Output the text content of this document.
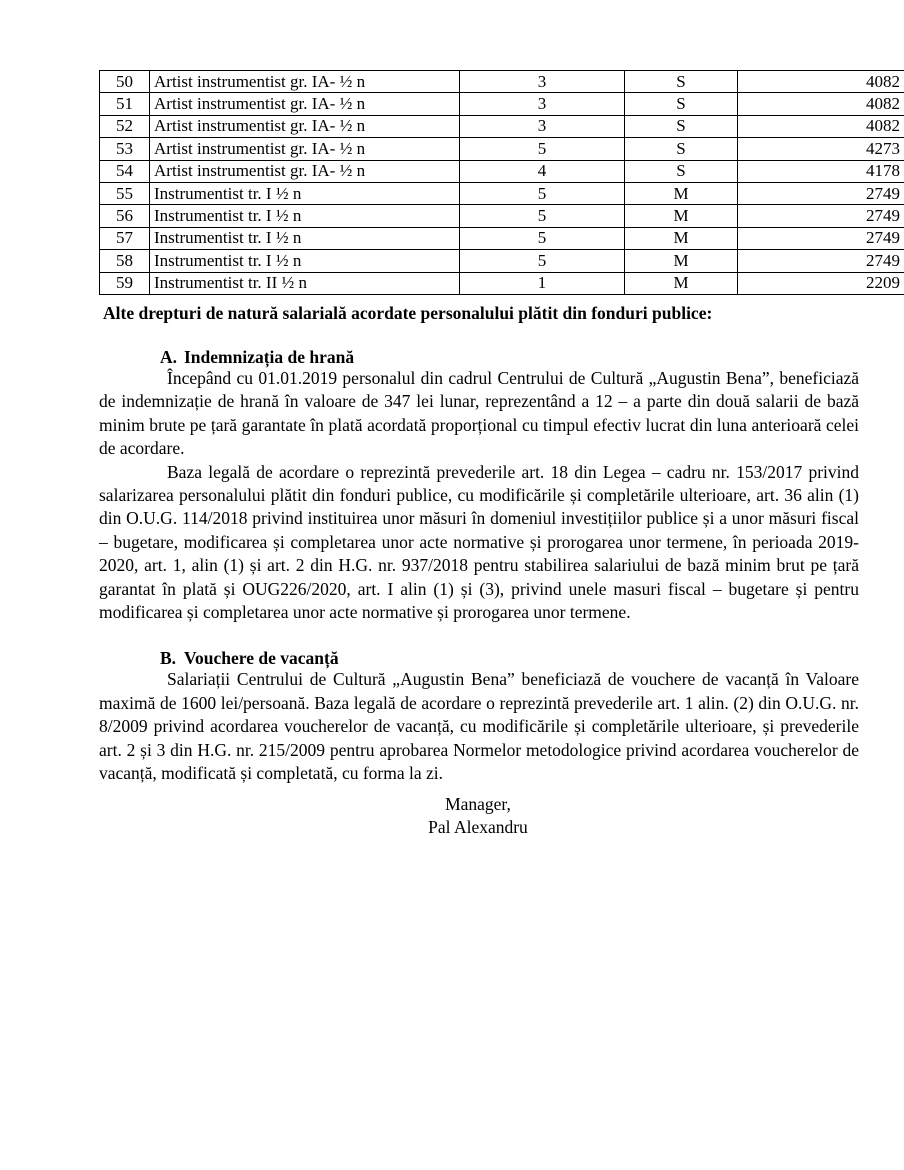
50	Artist instrumentist gr. IA- ½ n	3	S	4082
51	Artist instrumentist gr. IA- ½ n	3	S	4082
52	Artist instrumentist gr. IA- ½ n	3	S	4082
53	Artist instrumentist gr. IA- ½ n	5	S	4273
54	Artist instrumentist gr. IA- ½ n	4	S	4178
55	Instrumentist tr. I ½ n	5	M	2749
56	Instrumentist tr. I ½ n	5	M	2749
57	Instrumentist tr. I ½ n	5	M	2749
58	Instrumentist tr. I ½ n	5	M	2749
59	Instrumentist tr. II ½ n	1	M	2209
Alte drepturi de natură salarială acordate personalului plătit din fonduri publice:
A. Indemnizația de hrană

Începând cu 01.01.2019 personalul din cadrul Centrului de Cultură „Augustin Bena”, beneficiază de indemnizație de hrană în valoare de 347 lei lunar, reprezentând a 12 – a parte din două salarii de bază minim brute pe țară garantate în plată acordată proporțional cu timpul efectiv lucrat din luna anterioară celei de acordare.

Baza legală de acordare o reprezintă prevederile art. 18 din Legea – cadru nr. 153/2017 privind salarizarea personalului plătit din fonduri publice, cu modificările și completările ulterioare, art. 36 alin (1) din O.U.G. 114/2018 privind instituirea unor măsuri în domeniul investițiilor publice și a unor măsuri fiscal – bugetare, modificarea și completarea unor acte normative și prorogarea unor termene, în perioada 2019-2020, art. 1, alin (1) și art. 2 din H.G. nr. 937/2018 pentru stabilirea salariului de bază minim brut pe țară garantat în plată și OUG226/2020, art. I alin (1) și (3), privind unele masuri fiscal – bugetare și pentru modificarea și completarea unor acte normative și prorogarea unor termene.

B. Vouchere de vacanță

Salariații Centrului de Cultură „Augustin Bena” beneficiază de vouchere de vacanță în Valoare maximă de 1600 lei/persoană. Baza legală de acordare o reprezintă prevederile art. 1 alin. (2) din O.U.G. nr. 8/2009 privind acordarea voucherelor de vacanță, cu modificările și completările ulterioare, și prevederile art. 2 și 3 din H.G. nr. 215/2009 pentru aprobarea Normelor metodologice privind acordarea voucherelor de vacanță, modificată și completată, cu forma la zi.

Manager,
Pal Alexandru
